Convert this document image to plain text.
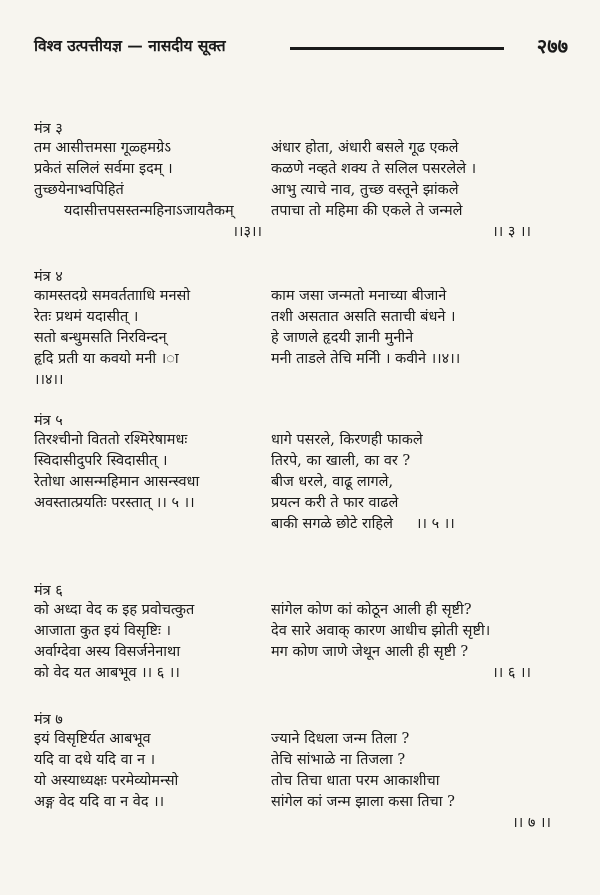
विश्व उत्पत्तीयज्ञ — नासदीय सूक्त	२७७
मंत्र ३
तम आसीत्तमसा गूळ्हमग्रेऽ
प्रकेतं सलिलं सर्वमा इदम् ।
तुच्छयेनाभ्वपिहितं
यदासीत्तपसस्तन्महिनाऽजायतैकम्
।।३।।
अंधार होता, अंधारी बसले गूढ एकले
कळणे नव्हते शक्य ते सलिल पसरलेले ।
आभु त्याचे नाव, तुच्छ वस्तूने झांकले
तपाचा तो महिमा की एकले ते जन्मले
।। ३ ।।
मंत्र ४
कामस्तदग्रे समवर्ततााधि मनसो
रेतः प्रथमं यदासीत् ।
सतो बन्धुमसति निरविन्दन्
हृदि प्रती या कवयो मनी ।ा
।।४।।
काम जसा जन्मतो मनाच्या बीजाने
तशी असतात असति सताची बंधने ।
हे जाणले हृदयी ज्ञानी मुनीने
मनी ताडले तेचि मनीि । कवीने ।।४।।
मंत्र ५
तिरश्चीनो विततो रश्मिरेषामधः
स्विदासीदुपरि स्विदासीत् ।
रेतोधा आसन्महिमान आसन्स्वधा
अवस्तात्प्रयतिः परस्तात् ।। ५ ।।
धागे पसरले, किरणही फाकले
तिरपे, का खाली, का वर ?
बीज धरले, वाढू लागले,
प्रयत्न करी ते फार वाढले
बाकी सगळे छोटे राहिले     ।। ५ ।।
मंत्र ६
को अध्दा वेद क इह प्रवोचत्कुत
आजाता कुत इयं विसृष्टिः ।
अर्वाग्देवा अस्य विसर्जनेनाथा
को वेद यत आबभूव ।। ६ ।।
सांगेल कोण कां कोठून आली ही सृष्टी?
देव सारे अवाक् कारण आधीच झोती सृष्टी।
मग कोण जाणे जेथून आली ही सृष्टी ?
।। ६ ।।
मंत्र ७
इयं विसृष्टिर्यत आबभूव
यदि वा दधे यदि वा न ।
यो अस्याध्यक्षः परमेव्योमन्सो
अङ्ग वेद यदि वा न वेद ।।
ज्याने दिधला जन्म तिला ?
तेचि सांभाळे ना तिजला ?
तोच तिचा धाता परम आकाशीचा
सांगेल कां जन्म झाला कसा तिचा ?
।। ७ ।।
